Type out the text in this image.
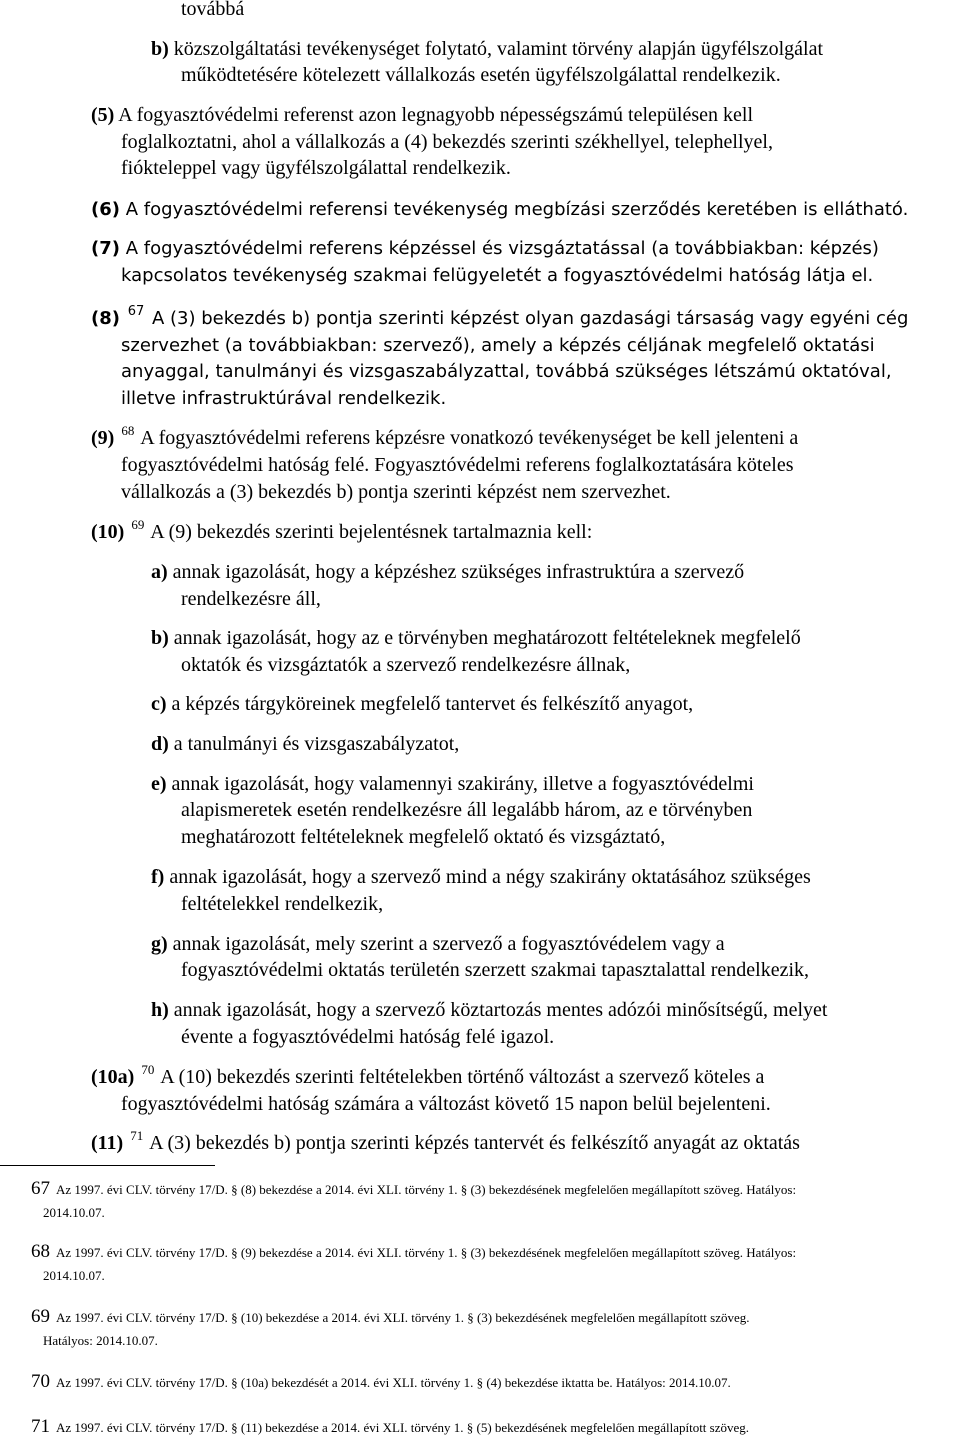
továbbá
b) közszolgáltatási tevékenységet folytató, valamint törvény alapján ügyfélszolgálat
működtetésére kötelezett vállalkozás esetén ügyfélszolgálattal rendelkezik.
(5) A fogyasztóvédelmi referenst azon legnagyobb népességszámú településen kell
foglalkoztatni, ahol a vállalkozás a (4) bekezdés szerinti székhellyel, telephellyel,
fiókteleppel vagy ügyfélszolgálattal rendelkezik.
(6) A fogyasztóvédelmi referensi tevékenység megbízási szerződés keretében is ellátható.
(7) A fogyasztóvédelmi referens képzéssel és vizsgáztatással (a továbbiakban: képzés)
kapcsolatos tevékenység szakmai felügyeletét a fogyasztóvédelmi hatóság látja el.
(8) $^{67}$ A (3) bekezdés b) pontja szerinti képzést olyan gazdasági társaság vagy egyéni cég
szervezhet (a továbbiakban: szervező), amely a képzés céljának megfelelő oktatási
anyaggal, tanulmányi és vizsgaszabályzattal, továbbá szükséges létszámú oktatóval,
illetve infrastruktúrával rendelkezik.
(9) $^{68}$ A fogyasztóvédelmi referens képzésre vonatkozó tevékenységet be kell jelenteni a
fogyasztóvédelmi hatóság felé. Fogyasztóvédelmi referens foglalkoztatására köteles
vállalkozás a (3) bekezdés b) pontja szerinti képzést nem szervezhet.
(10) $^{69}$ A (9) bekezdés szerinti bejelentésnek tartalmaznia kell:
a) annak igazolását, hogy a képzéshez szükséges infrastruktúra a szervező
rendelkezésre áll,
b) annak igazolását, hogy az e törvényben meghatározott feltételeknek megfelelő
oktatók és vizsgáztatók a szervező rendelkezésre állnak,
c) a képzés tárgyköreinek megfelelő tantervet és felkészítő anyagot,
d) a tanulmányi és vizsgaszabályzatot,
e) annak igazolását, hogy valamennyi szakirány, illetve a fogyasztóvédelmi
alapismeretek esetén rendelkezésre áll legalább három, az e törvényben
meghatározott feltételeknek megfelelő oktató és vizsgáztató,
f) annak igazolását, hogy a szervező mind a négy szakirány oktatásához szükséges
feltételekkel rendelkezik,
g) annak igazolását, mely szerint a szervező a fogyasztóvédelem vagy a
fogyasztóvédelmi oktatás területén szerzett szakmai tapasztalattal rendelkezik,
h) annak igazolását, hogy a szervező köztartozás mentes adózói minősítségű, melyet
évente a fogyasztóvédelmi hatóság felé igazol.
(10a) $^{70}$ A (10) bekezdés szerinti feltételekben történő változást a szervező köteles a
fogyasztóvédelmi hatóság számára a változást követő 15 napon belül bejelenteni.
(11) $^{71}$ A (3) bekezdés b) pontja szerinti képzés tantervét és felkészítő anyagát az oktatás
67 Az 1997. évi CLV. törvény 17/D. § (8) bekezdése a 2014. évi XLI. törvény 1. § (3) bekezdésének megfelelően megállapított szöveg. Hatályos:
2014.10.07.
68 Az 1997. évi CLV. törvény 17/D. § (9) bekezdése a 2014. évi XLI. törvény 1. § (3) bekezdésének megfelelően megállapított szöveg. Hatályos:
2014.10.07.
69 Az 1997. évi CLV. törvény 17/D. § (10) bekezdése a 2014. évi XLI. törvény 1. § (3) bekezdésének megfelelően megállapított szöveg.
Hatályos: 2014.10.07.
70 Az 1997. évi CLV. törvény 17/D. § (10a) bekezdését a 2014. évi XLI. törvény 1. § (4) bekezdése iktatta be. Hatályos: 2014.10.07.
71 Az 1997. évi CLV. törvény 17/D. § (11) bekezdése a 2014. évi XLI. törvény 1. § (5) bekezdésének megfelelően megállapított szöveg.
